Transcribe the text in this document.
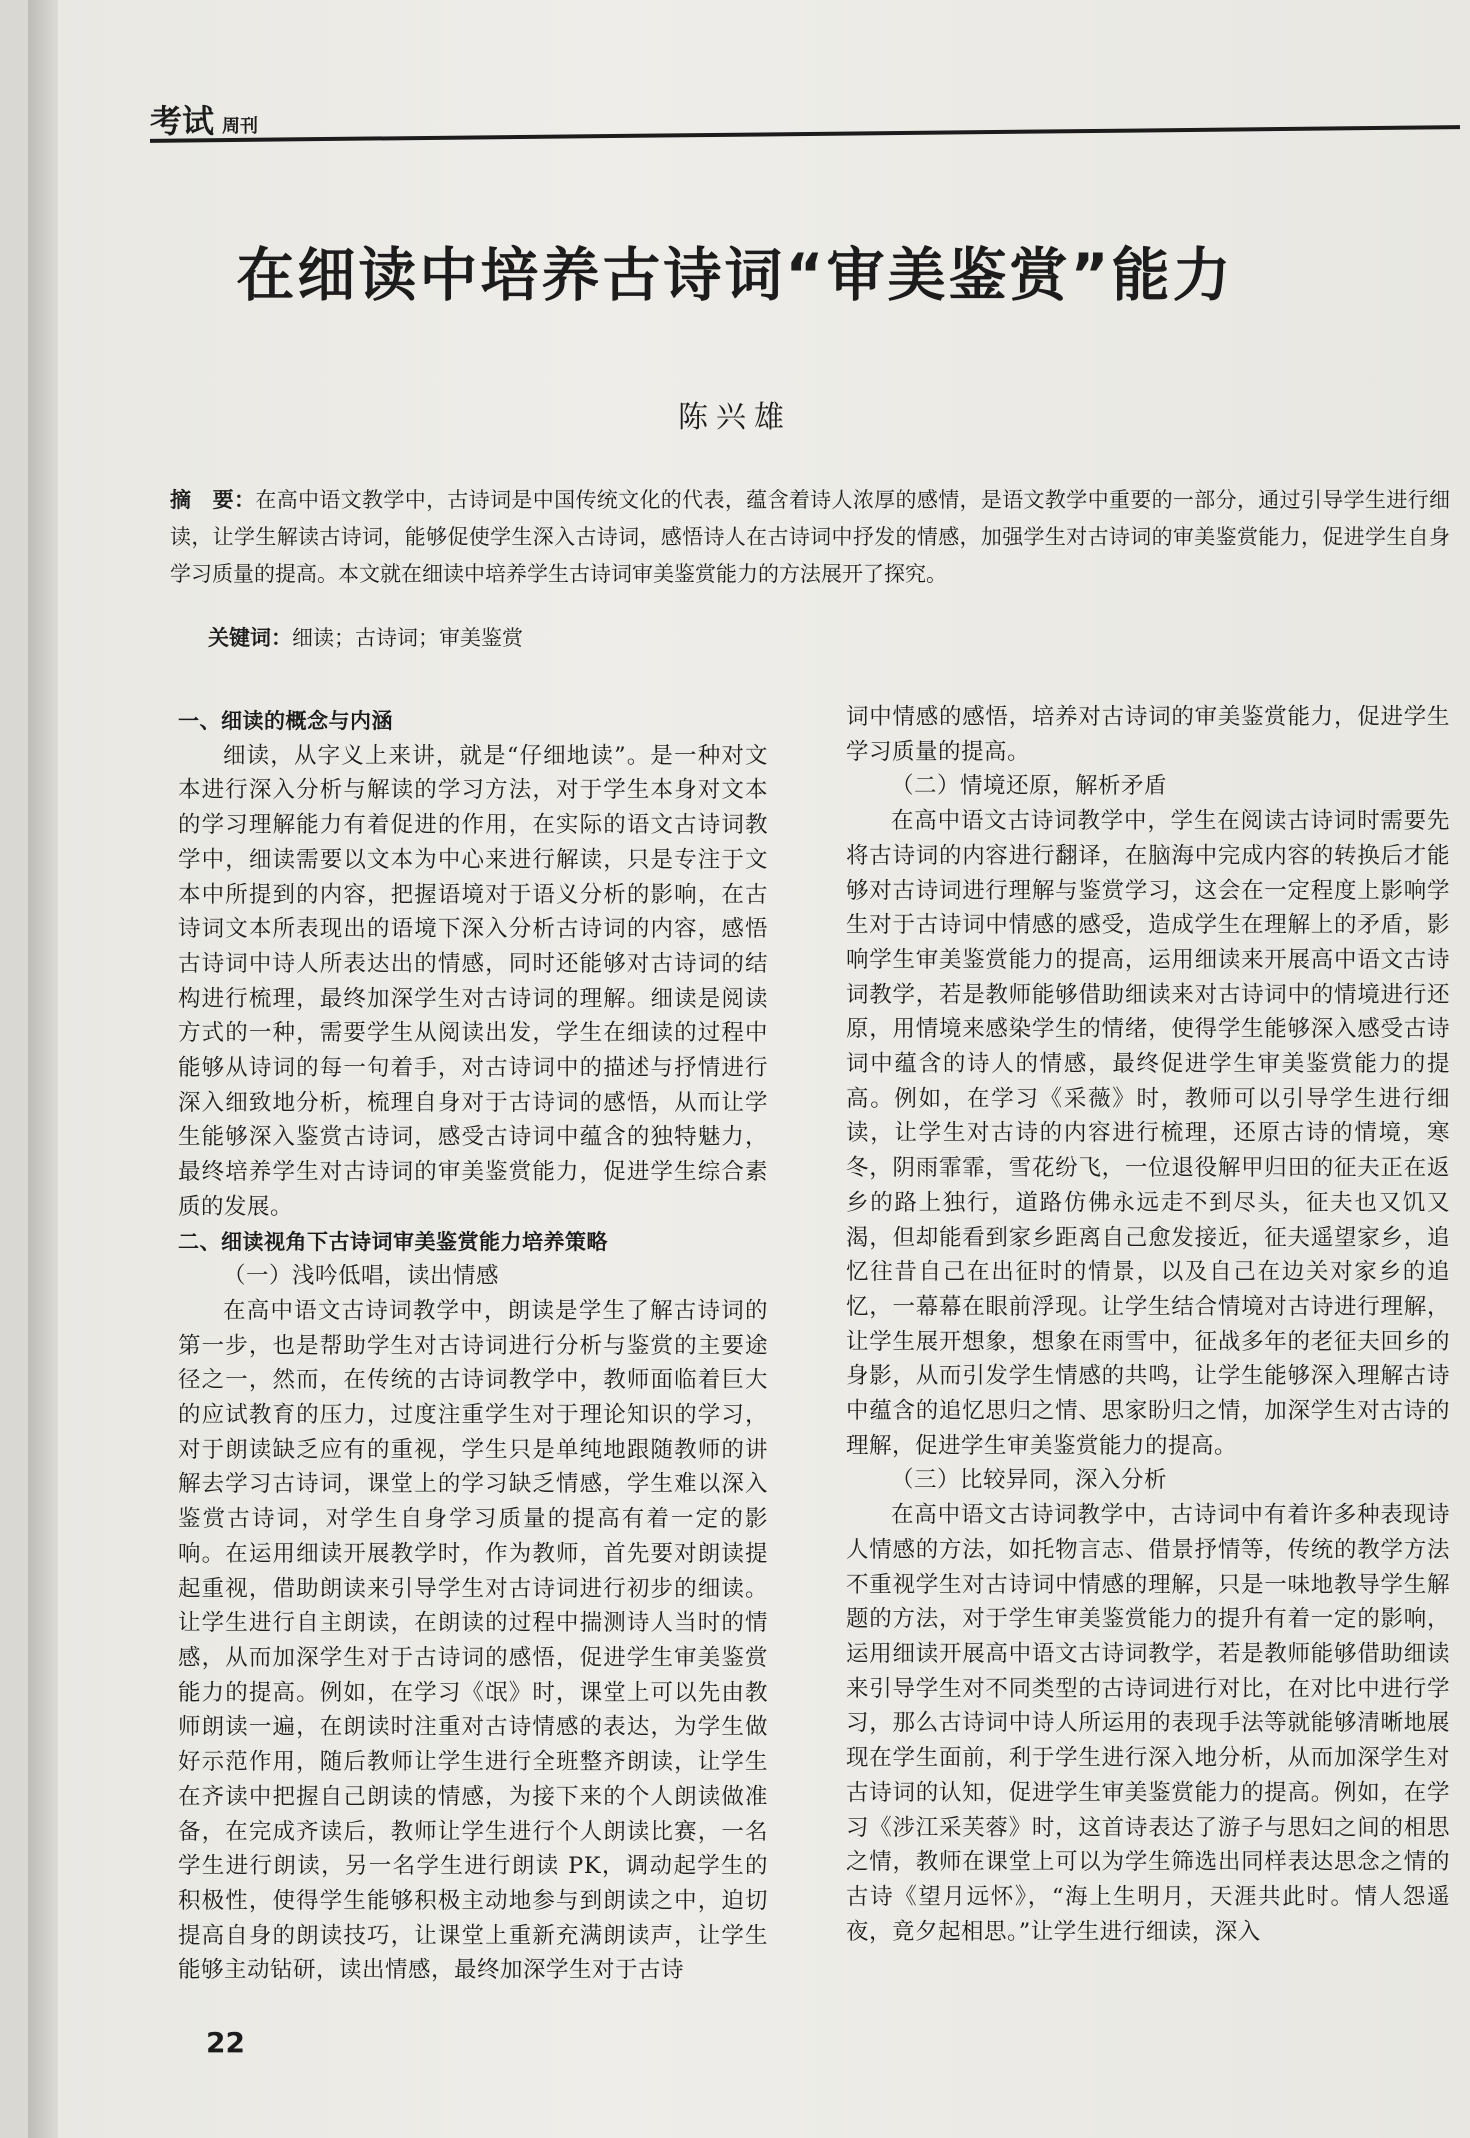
考试 周刊
在细读中培养古诗词“审美鉴赏”能力
陈兴雄
摘　要：在高中语文教学中，古诗词是中国传统文化的代表，蕴含着诗人浓厚的感情，是语文教学中重要的一部分，通过引导学生进行细读，让学生解读古诗词，能够促使学生深入古诗词，感悟诗人在古诗词中抒发的情感，加强学生对古诗词的审美鉴赏能力，促进学生自身学习质量的提高。本文就在细读中培养学生古诗词审美鉴赏能力的方法展开了探究。
关键词：细读；古诗词；审美鉴赏
一、细读的概念与内涵

细读，从字义上来讲，就是“仔细地读”。是一种对文本进行深入分析与解读的学习方法，对于学生本身对文本的学习理解能力有着促进的作用，在实际的语文古诗词教学中，细读需要以文本为中心来进行解读，只是专注于文本中所提到的内容，把握语境对于语义分析的影响，在古诗词文本所表现出的语境下深入分析古诗词的内容，感悟古诗词中诗人所表达出的情感，同时还能够对古诗词的结构进行梳理，最终加深学生对古诗词的理解。细读是阅读方式的一种，需要学生从阅读出发，学生在细读的过程中能够从诗词的每一句着手，对古诗词中的描述与抒情进行深入细致地分析，梳理自身对于古诗词的感悟，从而让学生能够深入鉴赏古诗词，感受古诗词中蕴含的独特魅力，最终培养学生对古诗词的审美鉴赏能力，促进学生综合素质的发展。

二、细读视角下古诗词审美鉴赏能力培养策略
（一）浅吟低唱，读出情感

在高中语文古诗词教学中，朗读是学生了解古诗词的第一步，也是帮助学生对古诗词进行分析与鉴赏的主要途径之一，然而，在传统的古诗词教学中，教师面临着巨大的应试教育的压力，过度注重学生对于理论知识的学习，对于朗读缺乏应有的重视，学生只是单纯地跟随教师的讲解去学习古诗词，课堂上的学习缺乏情感，学生难以深入鉴赏古诗词，对学生自身学习质量的提高有着一定的影响。在运用细读开展教学时，作为教师，首先要对朗读提起重视，借助朗读来引导学生对古诗词进行初步的细读。让学生进行自主朗读，在朗读的过程中揣测诗人当时的情感，从而加深学生对于古诗词的感悟，促进学生审美鉴赏能力的提高。例如，在学习《氓》时，课堂上可以先由教师朗读一遍，在朗读时注重对古诗情感的表达，为学生做好示范作用，随后教师让学生进行全班整齐朗读，让学生在齐读中把握自己朗读的情感，为接下来的个人朗读做准备，在完成齐读后，教师让学生进行个人朗读比赛，一名学生进行朗读，另一名学生进行朗读 PK，调动起学生的积极性，使得学生能够积极主动地参与到朗读之中，迫切提高自身的朗读技巧，让课堂上重新充满朗读声，让学生能够主动钻研，读出情感，最终加深学生对于古诗

词中情感的感悟，培养对古诗词的审美鉴赏能力，促进学生学习质量的提高。

（二）情境还原，解析矛盾

在高中语文古诗词教学中，学生在阅读古诗词时需要先将古诗词的内容进行翻译，在脑海中完成内容的转换后才能够对古诗词进行理解与鉴赏学习，这会在一定程度上影响学生对于古诗词中情感的感受，造成学生在理解上的矛盾，影响学生审美鉴赏能力的提高，运用细读来开展高中语文古诗词教学，若是教师能够借助细读来对古诗词中的情境进行还原，用情境来感染学生的情绪，使得学生能够深入感受古诗词中蕴含的诗人的情感，最终促进学生审美鉴赏能力的提高。例如，在学习《采薇》时，教师可以引导学生进行细读，让学生对古诗的内容进行梳理，还原古诗的情境，寒冬，阴雨霏霏，雪花纷飞，一位退役解甲归田的征夫正在返乡的路上独行，道路仿佛永远走不到尽头，征夫也又饥又渴，但却能看到家乡距离自己愈发接近，征夫遥望家乡，追忆往昔自己在出征时的情景，以及自己在边关对家乡的追忆，一幕幕在眼前浮现。让学生结合情境对古诗进行理解，让学生展开想象，想象在雨雪中，征战多年的老征夫回乡的身影，从而引发学生情感的共鸣，让学生能够深入理解古诗中蕴含的追忆思归之情、思家盼归之情，加深学生对古诗的理解，促进学生审美鉴赏能力的提高。

（三）比较异同，深入分析

在高中语文古诗词教学中，古诗词中有着许多种表现诗人情感的方法，如托物言志、借景抒情等，传统的教学方法不重视学生对古诗词中情感的理解，只是一味地教导学生解题的方法，对于学生审美鉴赏能力的提升有着一定的影响，运用细读开展高中语文古诗词教学，若是教师能够借助细读来引导学生对不同类型的古诗词进行对比，在对比中进行学习，那么古诗词中诗人所运用的表现手法等就能够清晰地展现在学生面前，利于学生进行深入地分析，从而加深学生对古诗词的认知，促进学生审美鉴赏能力的提高。例如，在学习《涉江采芙蓉》时，这首诗表达了游子与思妇之间的相思之情，教师在课堂上可以为学生筛选出同样表达思念之情的古诗《望月远怀》，“海上生明月，天涯共此时。情人怨遥夜，竟夕起相思。”让学生进行细读，深入

22
